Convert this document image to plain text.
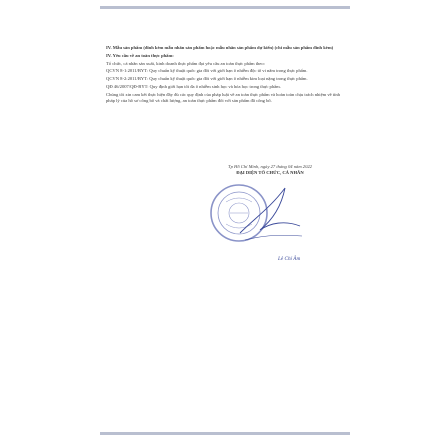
IV. Mẫu sản phẩm (đính kèm mẫu nhãn sản phẩm hoặc mẫu nhãn sản phẩm dự kiến) (chi mẫu sản phẩm đính kèm)

IV. Yêu cầu về an toàn thực phẩm:

Tổ chức, cá nhân sản xuất, kinh doanh thực phẩm đạt yêu cầu an toàn thực phẩm theo:

QCVN 8-1:2011/BYT: Quy chuẩn kỹ thuật quốc gia đối với giới hạn ô nhiễm độc tố vi nấm trong thực phẩm.

QCVN 8-2:2011/BYT: Quy chuẩn kỹ thuật quốc gia đối với giới hạn ô nhiễm kim loại nặng trong thực phẩm.

QĐ 46/2007/QĐ-BYT: Quy định giới hạn tối đa ô nhiễm sinh học và hóa học trong thực phẩm.

Chúng tôi xin cam kết thực hiện đầy đủ các quy định của pháp luật về an toàn thực phẩm và hoàn toàn chịu trách nhiệm về tính pháp lý của hồ sơ công bố và chất lượng, an toàn thực phẩm đối với sản phẩm đã công bố.

Tp Hồ Chí Minh, ngày 27 tháng 04 năm 2022
ĐẠI DIỆN TỔ CHỨC, CÁ NHÂN
Lê Chí Âm
